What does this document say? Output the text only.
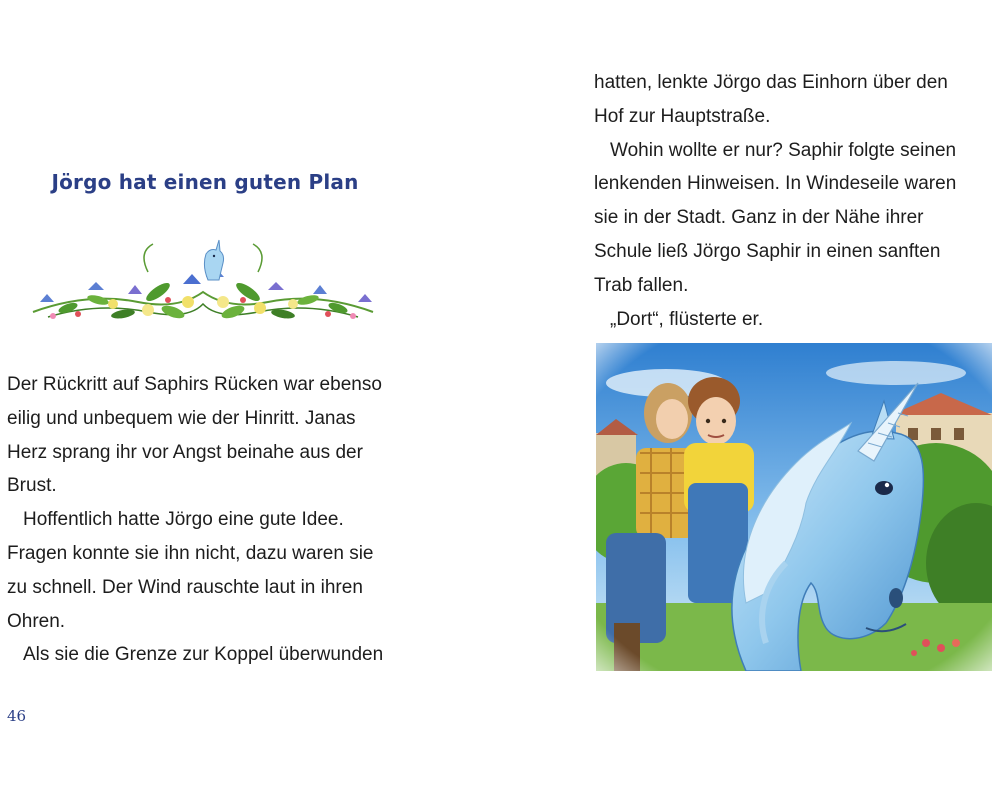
Jörgo hat einen guten Plan

Der Rückritt auf Saphirs Rücken war ebenso

eilig und unbequem wie der Hinritt. Janas

Herz sprang ihr vor Angst beinahe aus der

Brust.

Hoffentlich hatte Jörgo eine gute Idee.

Fragen konnte sie ihn nicht, dazu waren sie

zu schnell. Der Wind rauschte laut in ihren

Ohren.

Als sie die Grenze zur Koppel überwunden

46

hatten, lenkte Jörgo das Einhorn über den

Hof zur Hauptstraße.

Wohin wollte er nur? Saphir folgte seinen

lenkenden Hinweisen. In Windeseile waren

sie in der Stadt. Ganz in der Nähe ihrer

Schule ließ Jörgo Saphir in einen sanften

Trab fallen.

„Dort“, flüsterte er.
